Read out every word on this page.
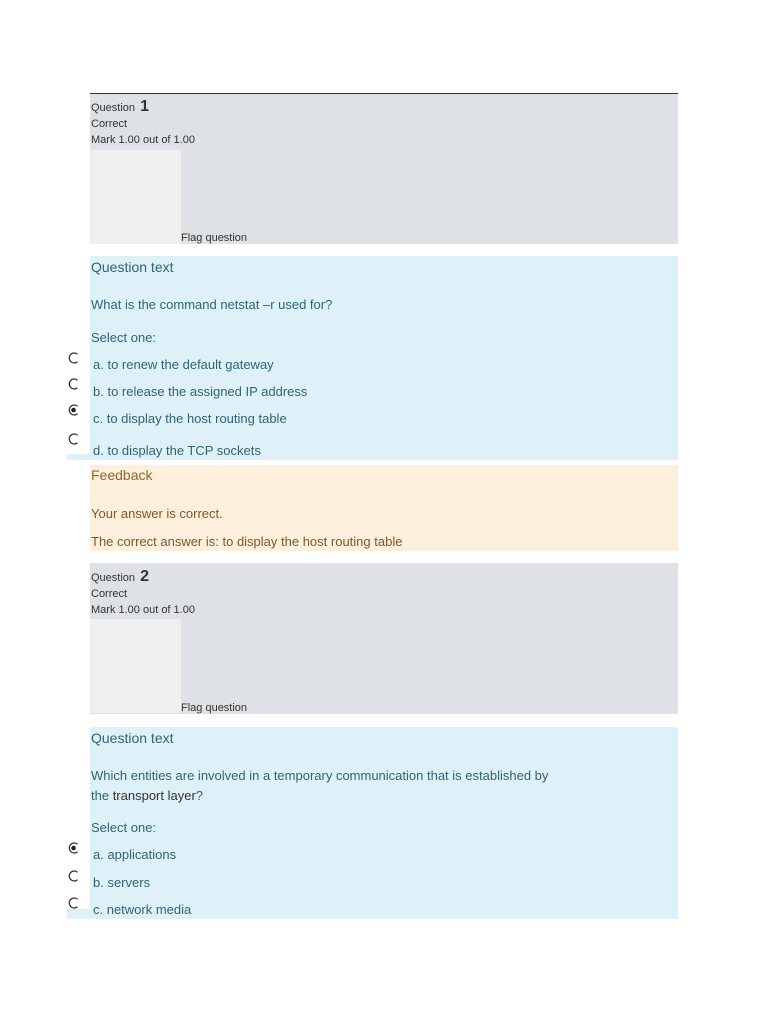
Question 1
Correct
Mark 1.00 out of 1.00
Flag question
Question text
What is the command netstat –r used for?
Select one:
a. to renew the default gateway
b. to release the assigned IP address
c. to display the host routing table
d. to display the TCP sockets
Feedback
Your answer is correct.
The correct answer is: to display the host routing table
Question 2
Correct
Mark 1.00 out of 1.00
Flag question
Question text
Which entities are involved in a temporary communication that is established by
the transport layer?
Select one:
a. applications
b. servers
c. network media
